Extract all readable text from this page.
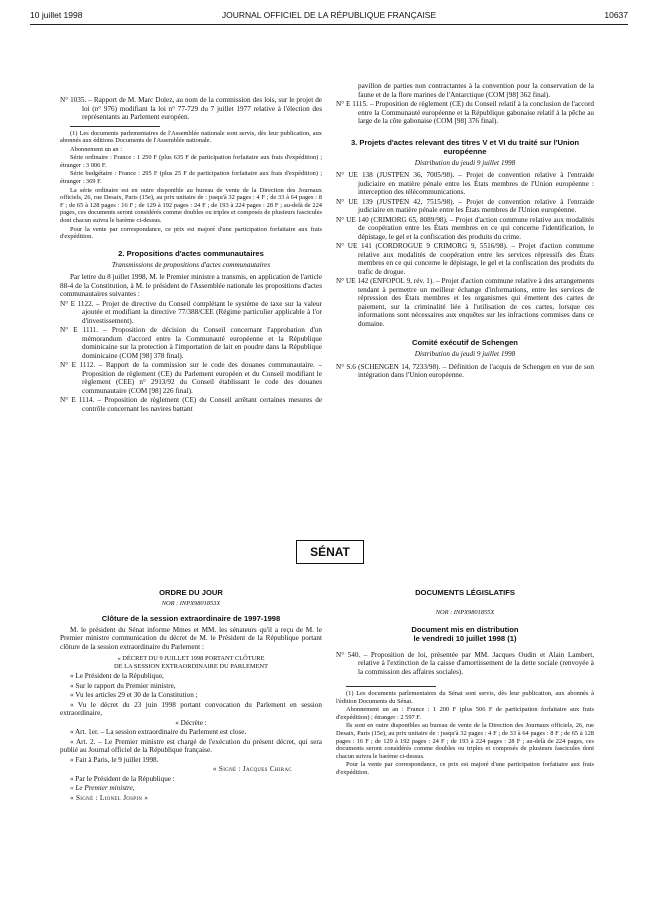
10 juillet 1998	JOURNAL OFFICIEL DE LA RÉPUBLIQUE FRANÇAISE	10637

N° 1035. – Rapport de M. Marc Dolez, au nom de la commission des lois, sur le projet de loi (n° 976) modifiant la loi n° 77-729 du 7 juillet 1977 relative à l'élection des représentants au Parlement européen.

(1) Les documents parlementaires de l'Assemblée nationale sont servis, dès leur publication, aux abonnés aux éditions Documents de l'Assemblée nationale.

Abonnement un an :

Série ordinaire : France : 1 250 F (plus 635 F de participation forfaitaire aux frais d'expédition) ; étranger : 3 006 F.

Série budgétaire : France : 295 F (plus 25 F de participation forfaitaire aux frais d'expédition) ; étranger : 369 F.

La série ordinaire est en outre disponible au bureau de vente de la Direction des Journaux officiels, 26, rue Desaix, Paris (15e), au prix unitaire de : jusqu'à 32 pages : 4 F ; de 33 à 64 pages : 8 F ; de 65 à 128 pages : 16 F ; de 129 à 192 pages : 24 F ; de 193 à 224 pages : 28 F ; au-delà de 224 pages, ces documents seront considérés comme doubles ou triples et composés de plusieurs fascicules dont chacun suivra le barème ci-dessus.

Pour la vente par correspondance, ce prix est majoré d'une participation forfaitaire aux frais d'expédition.

2. Propositions d'actes communautaires
Transmissions de propositions d'actes communautaires

Par lettre du 8 juillet 1998, M. le Premier ministre a transmis, en application de l'article 88-4 de la Constitution, à M. le président de l'Assemblée nationale les propositions d'actes communautaires suivantes :

N° E 1122. – Projet de directive du Conseil complétant le système de taxe sur la valeur ajoutée et modifiant la directive 77/388/CEE (Régime particulier applicable à l'or d'investissement).

N° E 1111. – Proposition de décision du Conseil concernant l'approbation d'un mémorandum d'accord entre la Communauté européenne et la République dominicaine sur la protection à l'importation de lait en poudre dans la République dominicaine (COM [98] 378 final).

N° E 1112. – Rapport de la commission sur le code des douanes communautaire. – Proposition de règlement (CE) du Parlement européen et du Conseil modifiant le règlement (CEE) n° 2913/92 du Conseil établissant le code des douanes communautaire (COM [98] 226 final).

N° E 1114. – Proposition de règlement (CE) du Conseil arrêtant certaines mesures de contrôle concernant les navires battant

pavillon de parties non contractantes à la convention pour la conservation de la faune et de la flore marines de l'Antarctique (COM [98] 362 final).

N° E 1115. – Proposition de règlement (CE) du Conseil relatif à la conclusion de l'accord entre la Communauté européenne et la République gabonaise relatif à la pêche au large de la côte gabonaise (COM [98] 376 final).

3. Projets d'actes relevant des titres V et VI du traité sur l'Union européenne
Distribution du jeudi 9 juillet 1998

N° UE 138 (JUSTPEN 36, 7005/98). – Projet de convention relative à l'entraide judiciaire en matière pénale entre les États membres de l'Union européenne : interception des télécommunications.

N° UE 139 (JUSTPEN 42, 7515/98). – Projet de convention relative à l'entraide judiciaire en matière pénale entre les États membres de l'Union européenne.

N° UE 140 (CRIMORG 65, 8089/98). – Projet d'action commune relative aux modalités de coopération entre les États membres en ce qui concerne l'identification, le dépistage, le gel et la confiscation des produits du crime.

N° UE 141 (CORDROGUE 9 CRIMORG 9, 5516/98). – Projet d'action commune relative aux modalités de coopération entre les services répressifs des États membres en ce qui concerne le dépistage, le gel et la confiscation des produits du trafic de drogue.

N° UE 142 (ENFOPOL 9, rév. 1). – Projet d'action commune relative à des arrangements tendant à permettre un meilleur échange d'informations, entre les services de répression des États membres et les organismes qui émettent des cartes de paiement, sur la criminalité liée à l'utilisation de ces cartes, lorsque ces informations sont nécessaires aux enquêtes sur les infractions commises dans ce domaine.

Comité exécutif de Schengen
Distribution du jeudi 9 juillet 1998

N° S.6 (SCHENGEN 14, 7233/98). – Définition de l'acquis de Schengen en vue de son intégration dans l'Union européenne.

SÉNAT
ORDRE DU JOUR
NOR : INPX9801853X
Clôture de la session extraordinaire de 1997-1998

M. le président du Sénat informe Mmes et MM. les sénateurs qu'il a reçu de M. le Premier ministre communication du décret de M. le Président de la République portant clôture de la session extraordinaire du Parlement :

« DÉCRET DU 9 JUILLET 1998 PORTANT CLÔTURE
DE LA SESSION EXTRAORDINAIRE DU PARLEMENT

« Le Président de la République,

« Sur le rapport du Premier ministre,

« Vu les articles 29 et 30 de la Constitution ;

« Vu le décret du 23 juin 1998 portant convocation du Parlement en session extraordinaire,

« Décrète :

« Art. 1er. – La session extraordinaire du Parlement est close.

« Art. 2. – Le Premier ministre est chargé de l'exécution du présent décret, qui sera publié au Journal officiel de la République française.

« Fait à Paris, le 9 juillet 1998.

« Signé : Jacques Chirac

« Par le Président de la République :

« Le Premier ministre,

« Signé : Lionel Jospin »

DOCUMENTS LÉGISLATIFS
NOR : INPX9801855X
Document mis en distribution
le vendredi 10 juillet 1998 (1)

N° 540. – Proposition de loi, présentée par MM. Jacques Oudin et Alain Lambert, relative à l'extinction de la caisse d'amortissement de la dette sociale (renvoyée à la commission des affaires sociales).

(1) Les documents parlementaires du Sénat sont servis, dès leur publication, aux abonnés à l'édition Documents du Sénat.

Abonnement un an : France : 1 200 F (plus 506 F de participation forfaitaire aux frais d'expédition) ; étranger : 2 597 F.

Ils sont en outre disponibles au bureau de vente de la Direction des Journaux officiels, 26, rue Desaix, Paris (15e), au prix unitaire de : jusqu'à 32 pages : 4 F ; de 33 à 64 pages : 8 F ; de 65 à 128 pages : 16 F ; de 129 à 192 pages : 24 F ; de 193 à 224 pages : 28 F ; au-delà de 224 pages, ces documents seront considérés comme doubles ou triples et composés de plusieurs fascicules dont chacun suivra le barème ci-dessus.

Pour la vente par correspondance, ce prix est majoré d'une participation forfaitaire aux frais d'expédition.
